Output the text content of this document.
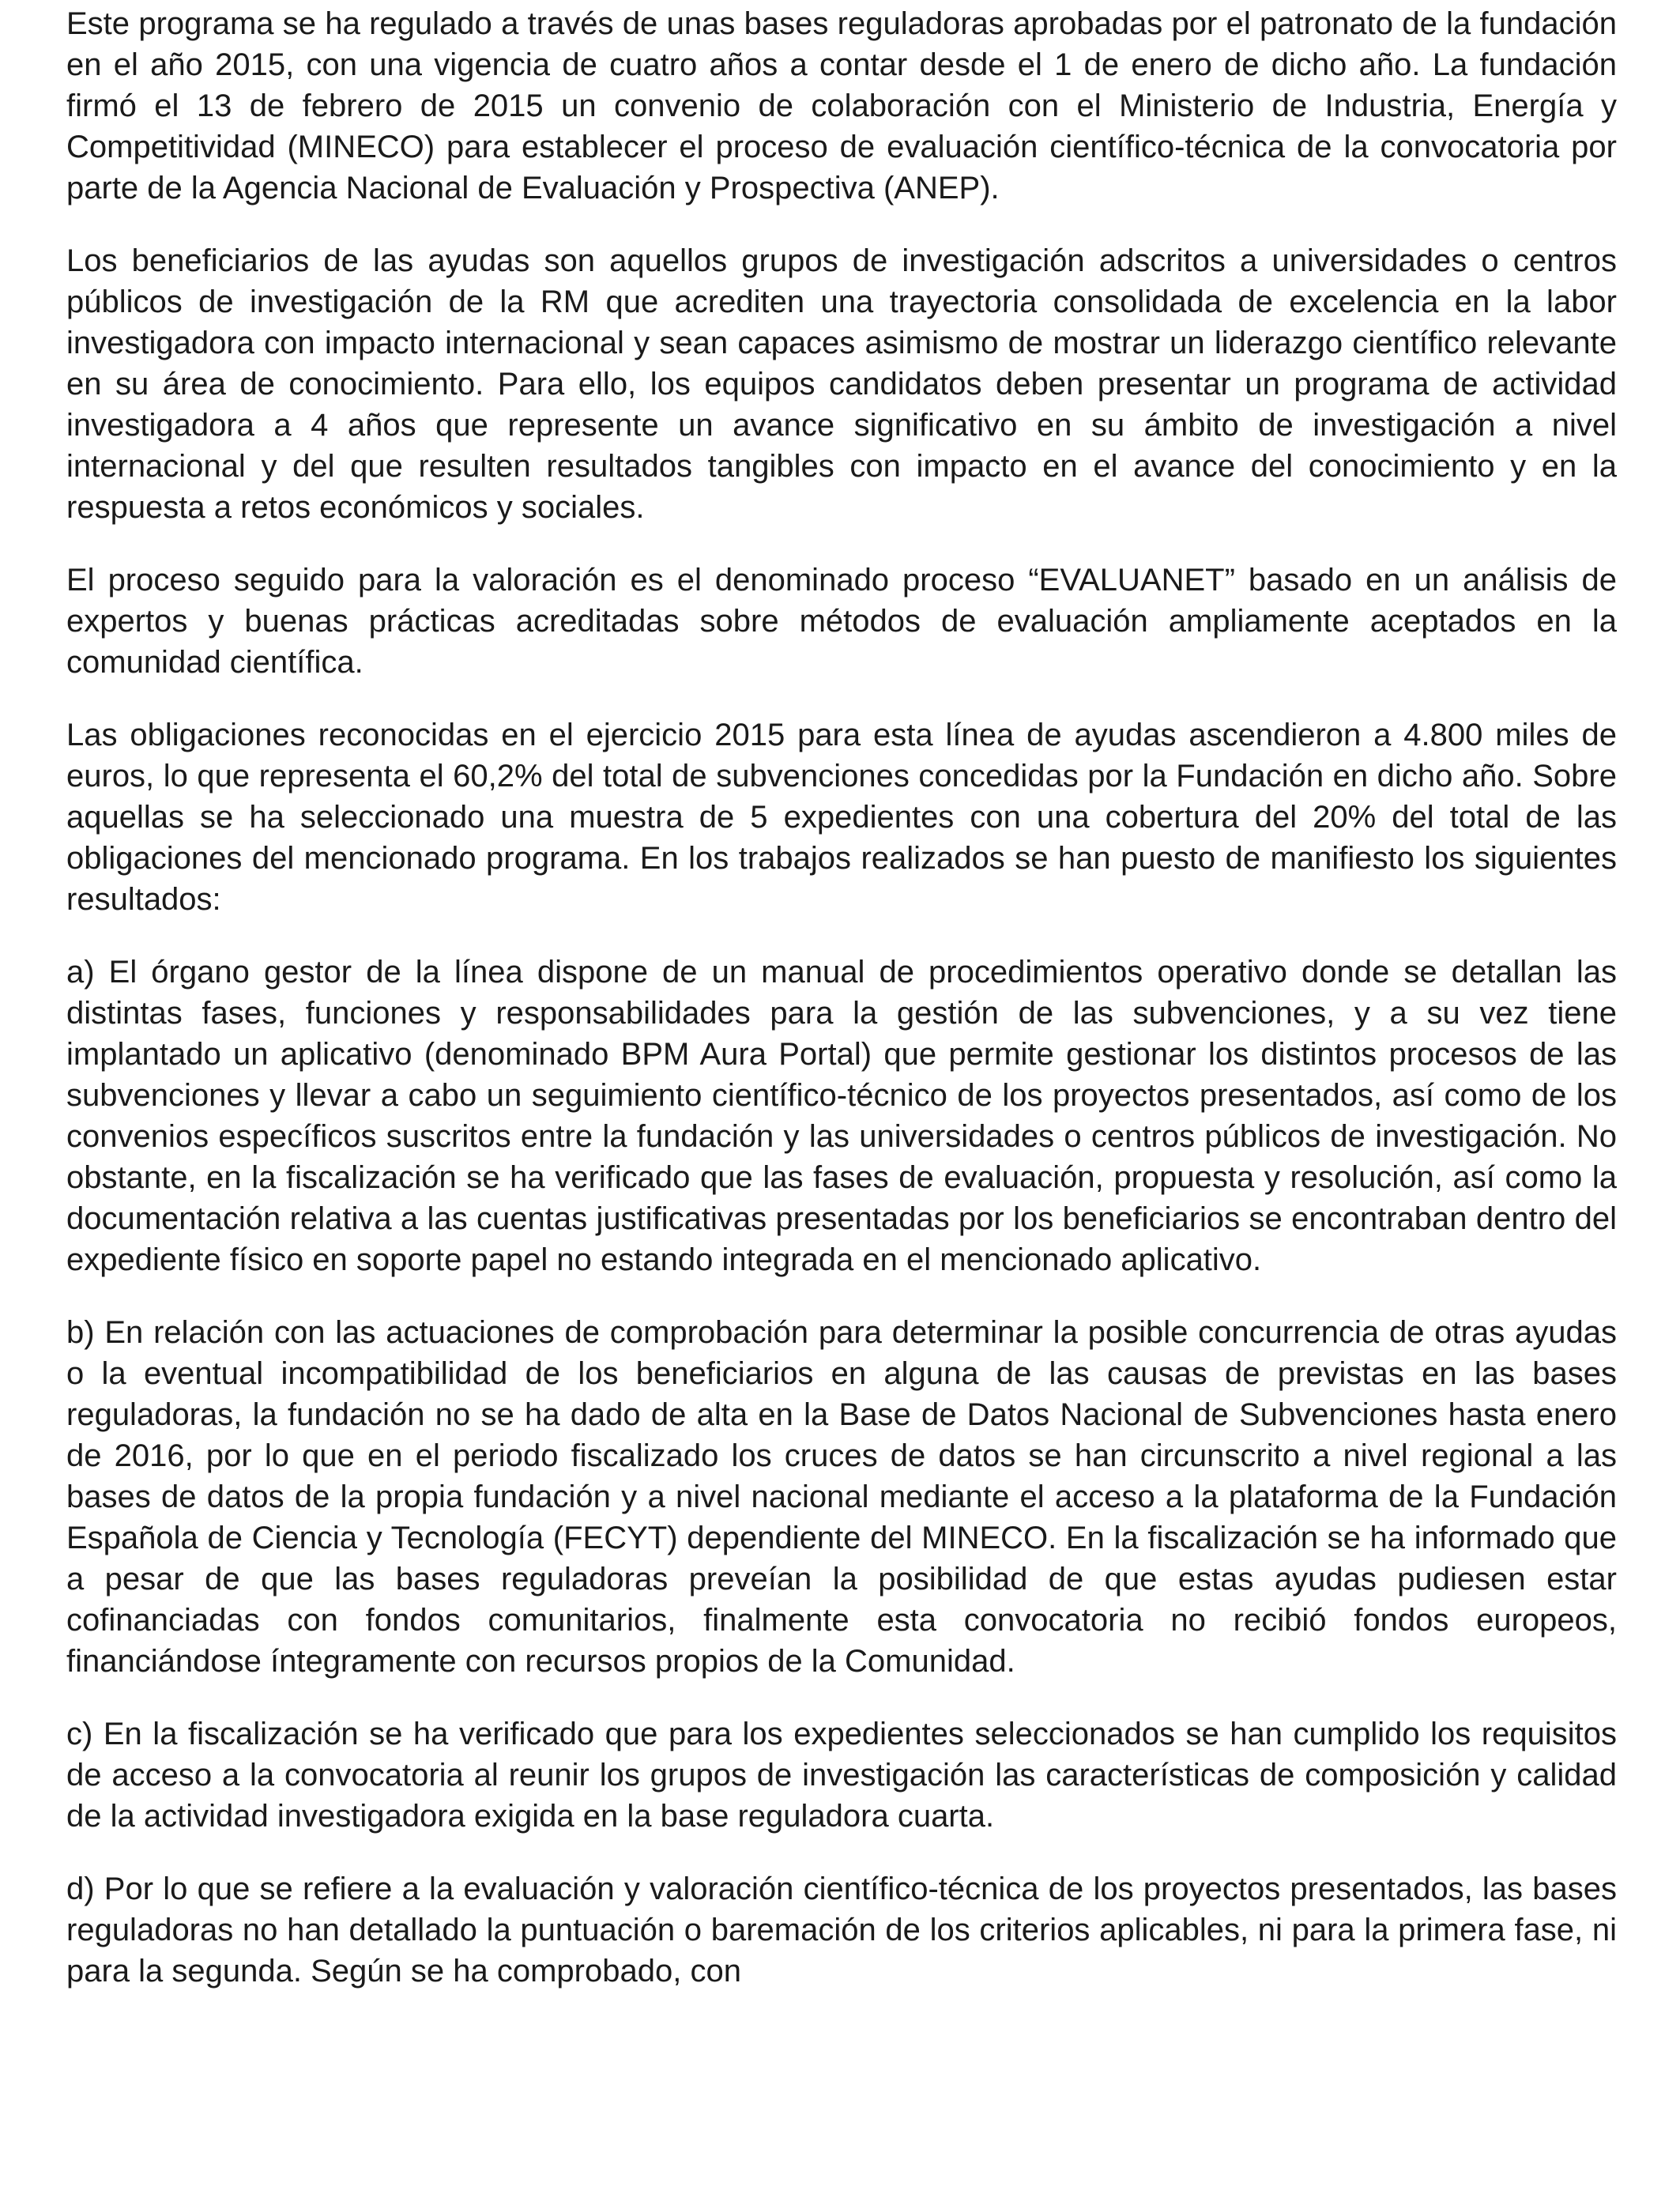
Este programa se ha regulado a través de unas bases reguladoras aprobadas por el patronato de la fundación en el año 2015, con una vigencia de cuatro años a contar desde el 1 de enero de dicho año. La fundación firmó el 13 de febrero de 2015 un convenio de colaboración con el Ministerio de Industria, Energía y Competitividad (MINECO) para establecer el proceso de evaluación científico-técnica de la convocatoria por parte de la Agencia Nacional de Evaluación y Prospectiva (ANEP).

Los beneficiarios de las ayudas son aquellos grupos de investigación adscritos a universidades o centros públicos de investigación de la RM que acrediten una trayectoria consolidada de excelencia en la labor investigadora con impacto internacional y sean capaces asimismo de mostrar un liderazgo científico relevante en su área de conocimiento. Para ello, los equipos candidatos deben presentar un programa de actividad investigadora a 4 años que represente un avance significativo en su ámbito de investigación a nivel internacional y del que resulten resultados tangibles con impacto en el avance del conocimiento y en la respuesta a retos económicos y sociales.

El proceso seguido para la valoración es el denominado proceso “EVALUANET” basado en un análisis de expertos y buenas prácticas acreditadas sobre métodos de evaluación ampliamente aceptados en la comunidad científica.

Las obligaciones reconocidas en el ejercicio 2015 para esta línea de ayudas ascendieron a 4.800 miles de euros, lo que representa el 60,2% del total de subvenciones concedidas por la Fundación en dicho año. Sobre aquellas se ha seleccionado una muestra de 5 expedientes con una cobertura del 20% del total de las obligaciones del mencionado programa. En los trabajos realizados se han puesto de manifiesto los siguientes resultados:

a) El órgano gestor de la línea dispone de un manual de procedimientos operativo donde se detallan las distintas fases, funciones y responsabilidades para la gestión de las subvenciones, y a su vez tiene implantado un aplicativo (denominado BPM Aura Portal) que permite gestionar los distintos procesos de las subvenciones y llevar a cabo un seguimiento científico-técnico de los proyectos presentados, así como de los convenios específicos suscritos entre la fundación y las universidades o centros públicos de investigación. No obstante, en la fiscalización se ha verificado que las fases de evaluación, propuesta y resolución, así como la documentación relativa a las cuentas justificativas presentadas por los beneficiarios se encontraban dentro del expediente físico en soporte papel no estando integrada en el mencionado aplicativo.

b) En relación con las actuaciones de comprobación para determinar la posible concurrencia de otras ayudas o la eventual incompatibilidad de los beneficiarios en alguna de las causas de previstas en las bases reguladoras, la fundación no se ha dado de alta en la Base de Datos Nacional de Subvenciones hasta enero de 2016, por lo que en el periodo fiscalizado los cruces de datos se han circunscrito a nivel regional a las bases de datos de la propia fundación y a nivel nacional mediante el acceso a la plataforma de la Fundación Española de Ciencia y Tecnología (FECYT) dependiente del MINECO. En la fiscalización se ha informado que a pesar de que las bases reguladoras preveían la posibilidad de que estas ayudas pudiesen estar cofinanciadas con fondos comunitarios, finalmente esta convocatoria no recibió fondos europeos, financiándose íntegramente con recursos propios de la Comunidad.

c) En la fiscalización se ha verificado que para los expedientes seleccionados se han cumplido los requisitos de acceso a la convocatoria al reunir los grupos de investigación las características de composición y calidad de la actividad investigadora exigida en la base reguladora cuarta.

d) Por lo que se refiere a la evaluación y valoración científico-técnica de los proyectos presentados, las bases reguladoras no han detallado la puntuación o baremación de los criterios aplicables, ni para la primera fase, ni para la segunda. Según se ha comprobado, con
